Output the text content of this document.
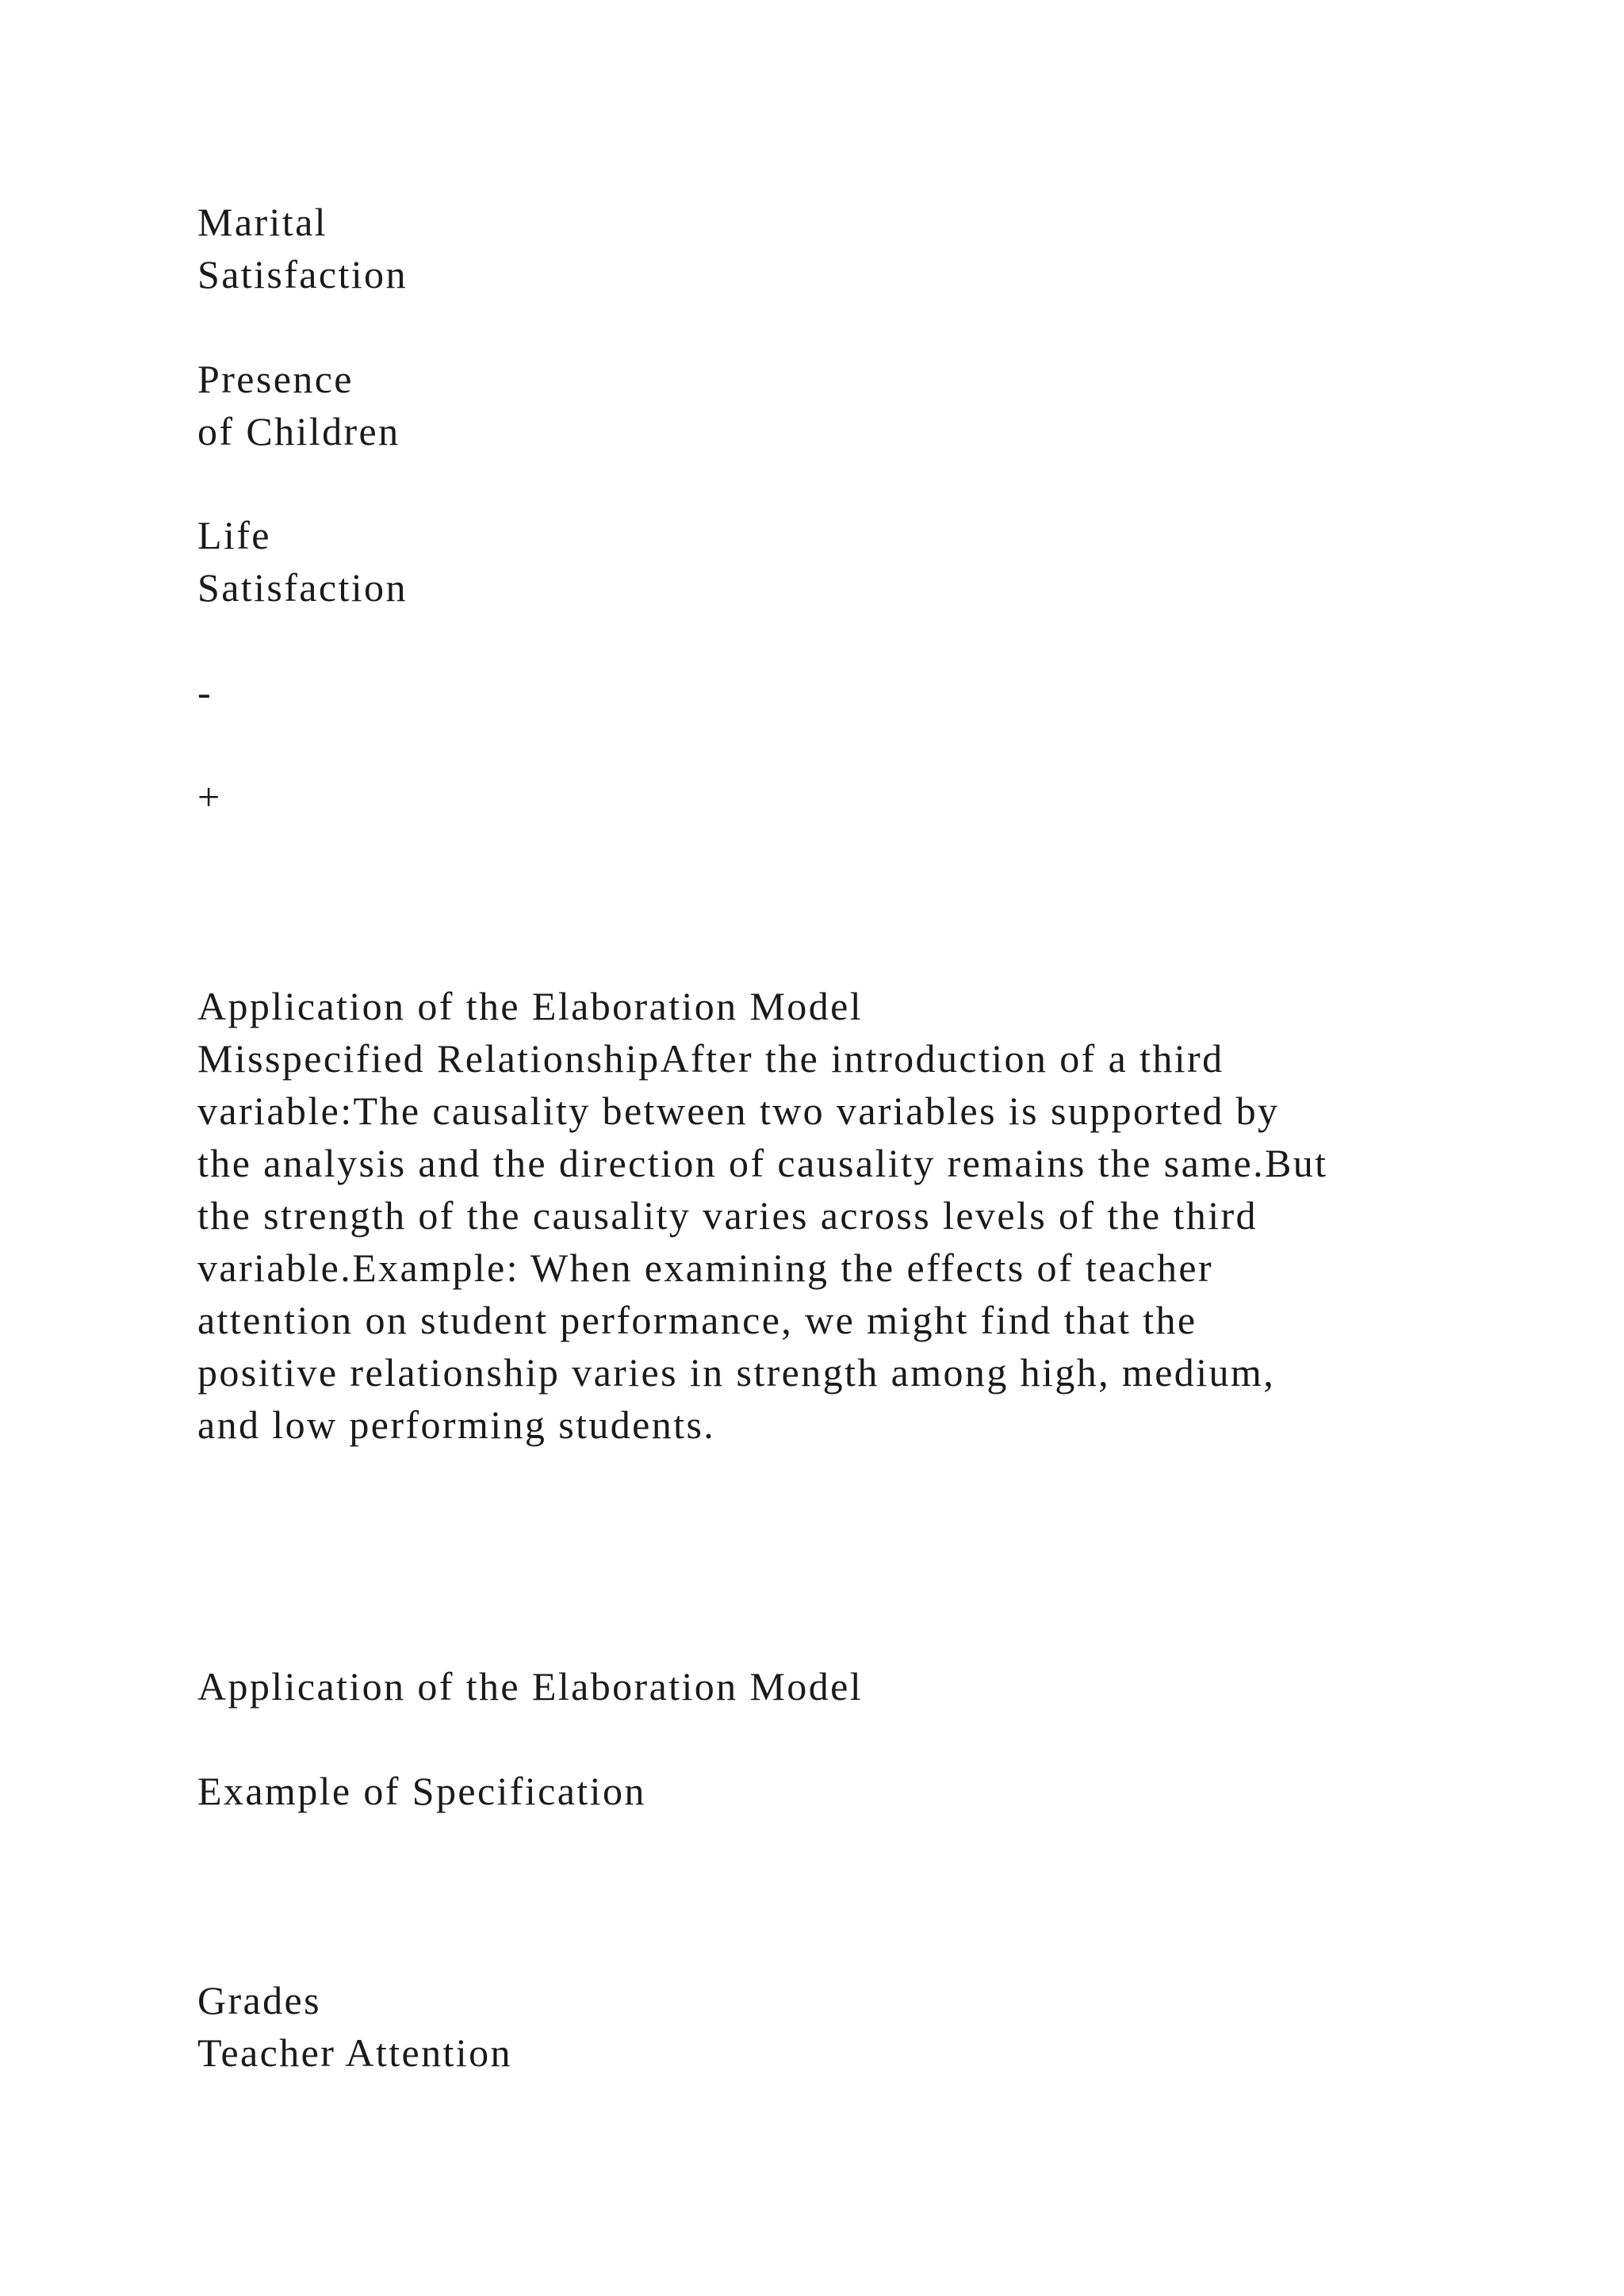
Marital

Satisfaction

Presence

of Children

Life

Satisfaction

-

+

Application of the Elaboration Model

Misspecified RelationshipAfter the introduction of a third
variable:The causality between two variables is supported by
the analysis and the direction of causality remains the same.But
the strength of the causality varies across levels of the third
variable.Example: When examining the effects of teacher
attention on student performance, we might find that the
positive relationship varies in strength among high, medium,
and low performing students.

Application of the Elaboration Model

Example of Specification

Grades

Teacher Attention
